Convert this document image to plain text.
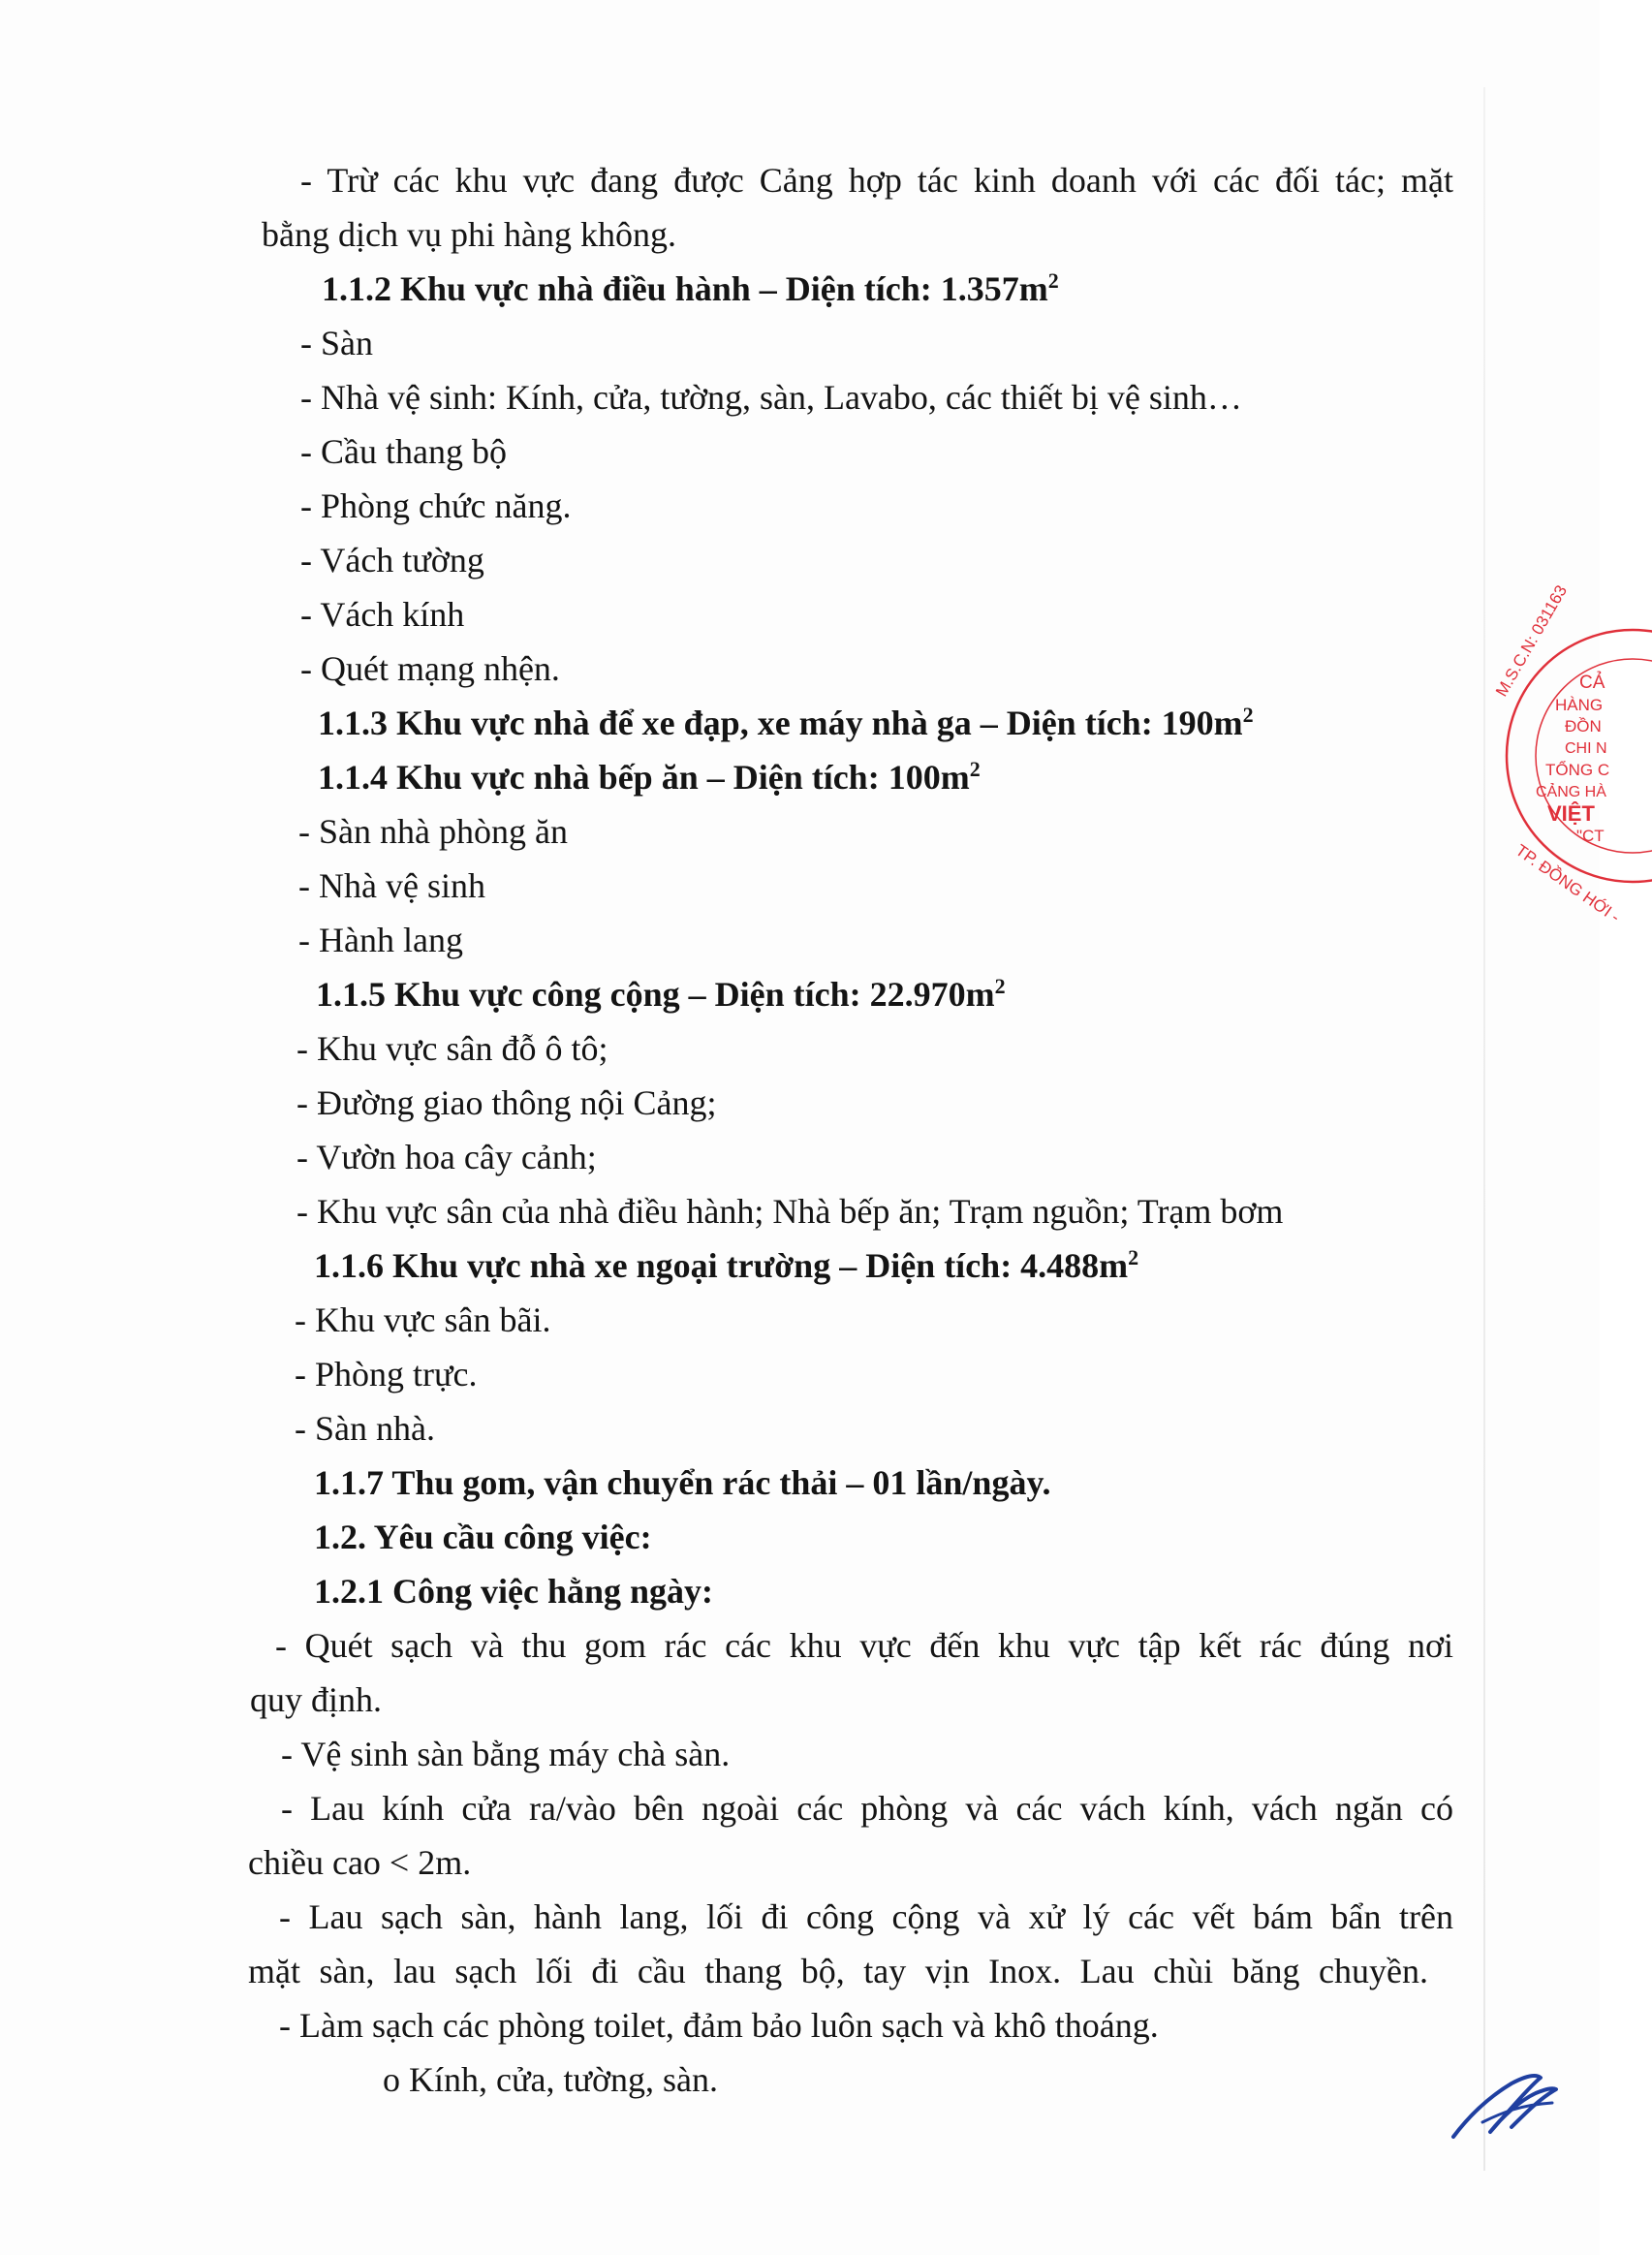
- Trừ các khu vực đang được Cảng hợp tác kinh doanh với các đối tác; mặt
bằng dịch vụ phi hàng không.
1.1.2 Khu vực nhà điều hành – Diện tích: $1.357m^2$
- Sàn
- Nhà vệ sinh: Kính, cửa, tường, sàn, Lavabo, các thiết bị vệ sinh…
- Cầu thang bộ
- Phòng chức năng.
- Vách tường
- Vách kính
- Quét mạng nhện.
1.1.3 Khu vực nhà để xe đạp, xe máy nhà ga – Diện tích: $190m^2$
1.1.4 Khu vực nhà bếp ăn – Diện tích: $100m^2$
- Sàn nhà phòng ăn
- Nhà vệ sinh
- Hành lang
1.1.5 Khu vực công cộng – Diện tích: $22.970m^2$
- Khu vực sân đỗ ô tô;
- Đường giao thông nội Cảng;
- Vườn hoa cây cảnh;
- Khu vực sân của nhà điều hành; Nhà bếp ăn; Trạm nguồn; Trạm bơm
1.1.6 Khu vực nhà xe ngoại trường – Diện tích: $4.488m^2$
- Khu vực sân bãi.
- Phòng trực.
- Sàn nhà.
1.1.7 Thu gom, vận chuyển rác thải – 01 lần/ngày.
1.2. Yêu cầu công việc:
1.2.1 Công việc hằng ngày:
- Quét sạch và thu gom rác các khu vực đến khu vực tập kết rác đúng nơi
quy định.
- Vệ sinh sàn bằng máy chà sàn.
- Lau kính cửa ra/vào bên ngoài các phòng và các vách kính, vách ngăn có
chiều cao < 2m.
- Lau sạch sàn, hành lang, lối đi công cộng và xử lý các vết bám bẩn trên
mặt sàn, lau sạch lối đi cầu thang bộ, tay vịn Inox. Lau chùi băng chuyền.
- Làm sạch các phòng toilet, đảm bảo luôn sạch và khô thoáng.
o Kính, cửa, tường, sàn.
M.S.C.N: 031163 CẢ
HÀNG
ĐỒN
CHI N
TỔNG C
CẢNG HÀ
VIỆT
"CT
TP. ĐỒNG HỚI -
